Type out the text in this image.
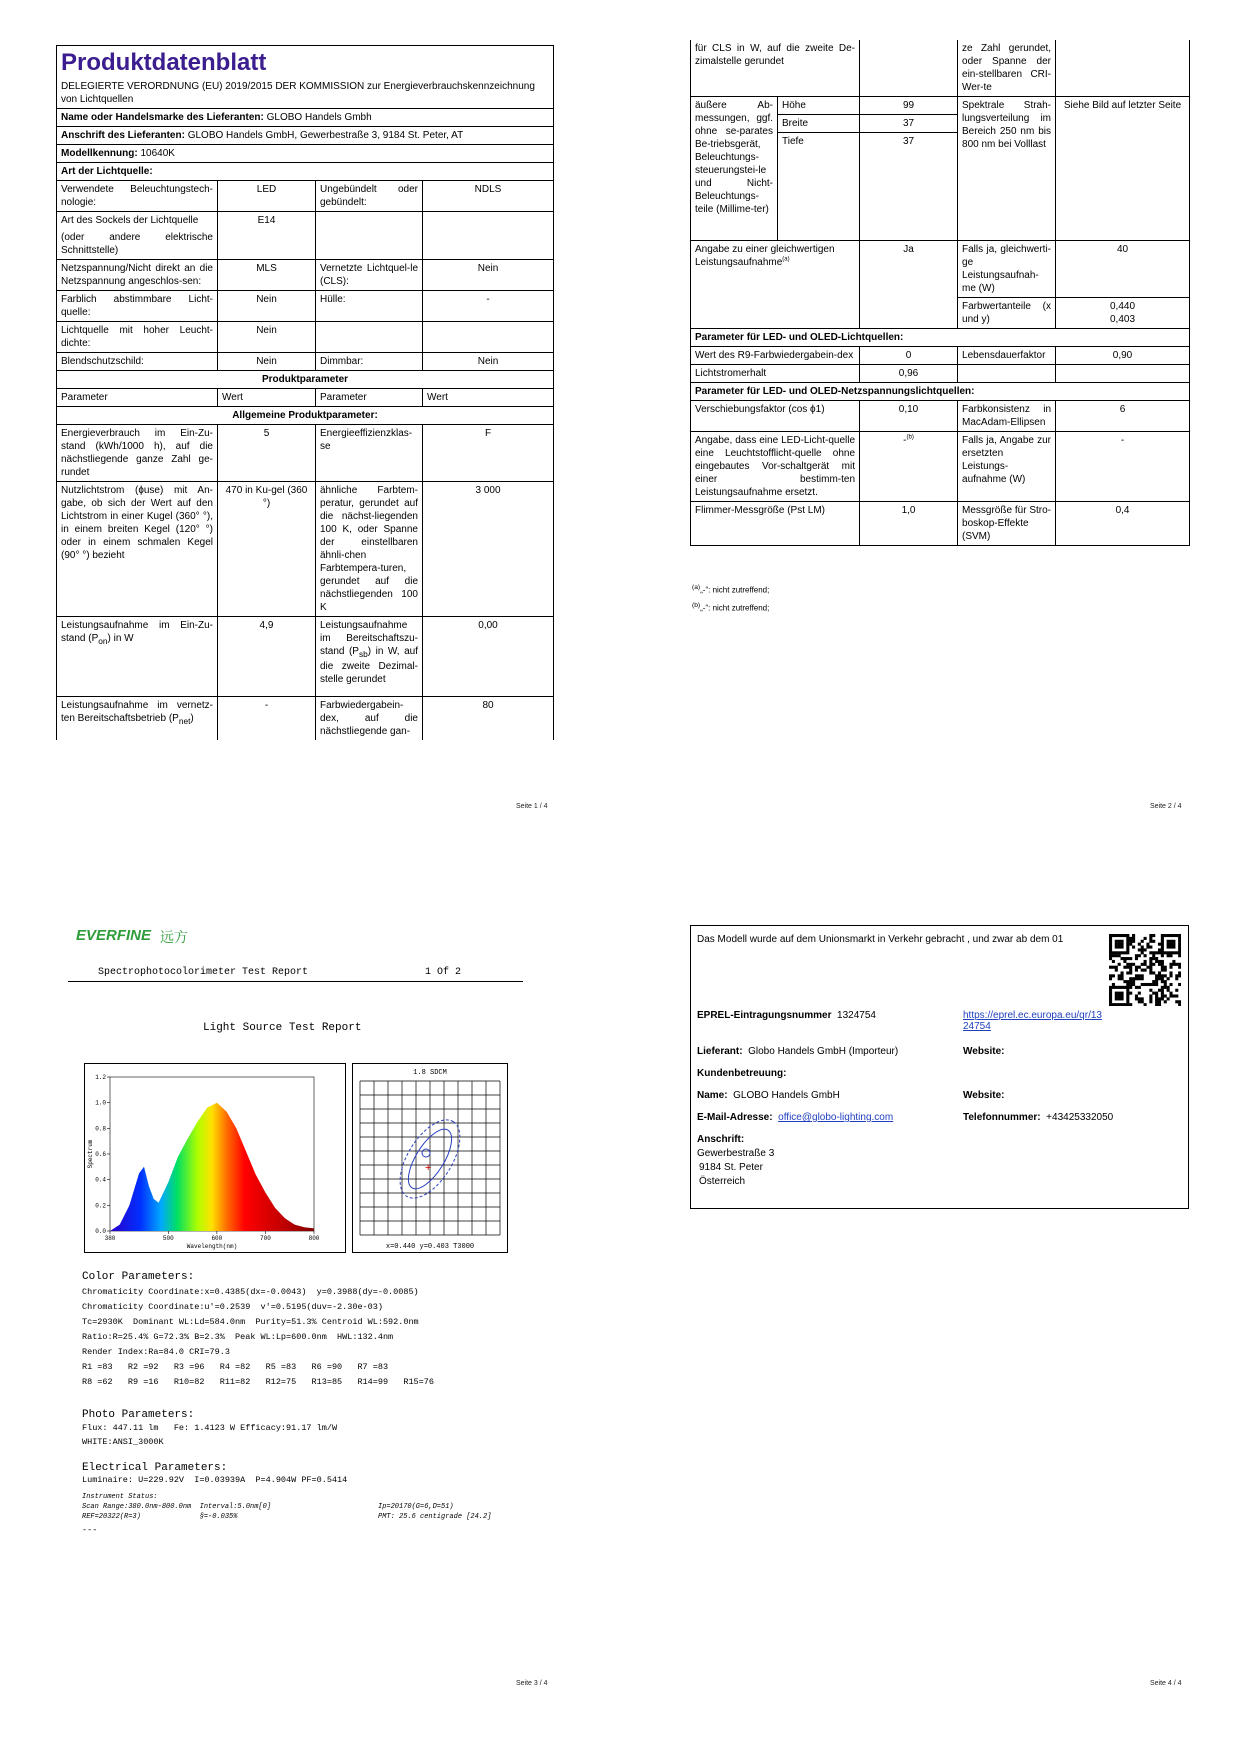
Produktdatenblatt
DELEGIERTE VERORDNUNG (EU) 2019/2015 DER KOMMISSION zur Energieverbrauchskennzeichnung von Lichtquellen			

Name oder Handelsmarke des Lieferanten: GLOBO Handels Gmbh			
Anschrift des Lieferanten: GLOBO Handels GmbH, Gewerbestraße 3, 9184 St. Peter, AT			
Modellkennung: 10640K			
Art der Lichtquelle:			
Verwendete Beleuchtungstech-nologie:	LED	Ungebündelt oder gebündelt:	NDLS

Art des Sockels der Lichtquelle
(oder andere elektrische Schnittstelle)	E14		
Netzspannung/Nicht direkt an die Netzspannung angeschlos-sen:	MLS	Vernetzte Lichtquel-le (CLS):	Nein
Farblich abstimmbare Licht-quelle:	Nein	Hülle:	-
Lichtquelle mit hoher Leucht-dichte:	Nein		
Blendschutzschild:	Nein	Dimmbar:	Nein
Produktparameter			
Parameter	Wert	Parameter	Wert
Allgemeine Produktparameter:			
Energieverbrauch im Ein-Zu-stand (kWh/1000 h), auf die nächstliegende ganze Zahl ge-rundet	5	Energieeffizienzklas-se	F
Nutzlichtstrom (ɸuse) mit An-gabe, ob sich der Wert auf den Lichtstrom in einer Kugel (360° °), in einem breiten Kegel (120° °) oder in einem schmalen Kegel (90° °) bezieht	470 in Ku-gel (360 °)	ähnliche Farbtem-peratur, gerundet auf die nächst-liegenden 100 K, oder Spanne der einstellbaren ähnli-chen Farbtempera-turen, gerundet auf die nächstliegenden 100 K	3 000
Leistungsaufnahme im Ein-Zu-stand $(P_{on})$ in W	4,9	Leistungsaufnahme im Bereitschaftszu-stand $(P_{sb})$ in W, auf die zweite Dezimal-stelle gerundet	0,00
Leistungsaufnahme im vernetz-ten Bereitschaftsbetrieb $(P_{net})$	-	Farbwiedergabein-dex, auf die nächstliegende gan-	80
Seite 1 / 4
für CLS in W, auf die zweite De-zimalstelle gerundet			ze Zahl gerundet, oder Spanne der ein-stellbaren CRI-Wer-te	
äußere Ab-messungen, ggf. ohne se-parates Be-triebsgerät, Beleuchtungs-steuerungstei-le und Nicht-Beleuchtungs-teile (Millime-ter)	Höhe	99	Spektrale Strah-lungsverteilung im Bereich 250 nm bis 800 nm bei Volllast	Siehe Bild auf letzter Seite
	Breite	37		
	Tiefe	37		

Angabe zu einer gleichwertigen Leistungsaufnahme$^{(a)}$		Ja	Falls ja, gleichwerti-ge Leistungsaufnah-me (W)	40
			Farbwertanteile (x und y)	0,440
0,403

Parameter für LED- und OLED-Lichtquellen:				
Wert des R9-Farbwiedergabein-dex		0	Lebensdauerfaktor	0,90
Lichtstromerhalt		0,96		
Parameter für LED- und OLED-Netzspannungslichtquellen:				
Verschiebungsfaktor (cos ϕ1)		0,10	Farbkonsistenz in MacAdam-Ellipsen	6
Angabe, dass eine LED-Licht-quelle eine Leuchtstofflicht-quelle ohne eingebautes Vor-schaltgerät mit einer bestimm-ten Leistungsaufnahme ersetzt.		-$^{(b)}$	Falls ja, Angabe zur ersetzten Leistungs-aufnahme (W)	-
Flimmer-Messgröße (Pst LM)		1,0	Messgröße für Stro-boskop-Effekte (SVM)	0,4
$^{(a)}$„-“: nicht zutreffend;
$^{(b)}$„-“: nicht zutreffend;
Seite 2 / 4
EVERFINE 远方
Spectrophotocolorimeter Test Report	1 Of 2
Light Source Test Report
0.0
0.2
0.4
0.6
0.8
1.0
1.2
380	500	600	700	800
Wavelength(nm)
Spectrum
1.8 SDCM
+
x=0.440 y=0.403 T3000
Color Parameters:
Chromaticity Coordinate:x=0.4385(dx=-0.0043)  y=0.3988(dy=-0.0085)
Chromaticity Coordinate:u'=0.2539  v'=0.5195(duv=-2.30e-03)
Tc=2930K  Dominant WL:Ld=584.0nm  Purity=51.3% Centroid WL:592.0nm
Ratio:R=25.4% G=72.3% B=2.3%  Peak WL:Lp=600.0nm  HWL:132.4nm
Render Index:Ra=84.0 CRI=79.3
R1 =83   R2 =92   R3 =96   R4 =82   R5 =83   R6 =90   R7 =83
R8 =62   R9 =16   R10=82   R11=82   R12=75   R13=85   R14=99   R15=76
Photo Parameters:
Flux: 447.11 lm   Fe: 1.4123 W Efficacy:91.17 lm/W
WHITE:ANSI_3000K
Electrical Parameters:
Luminaire: U=229.92V  I=0.03939A  P=4.904W PF=0.5414
Instrument Status:
Scan Range:380.0nm-800.0nm  Interval:5.0nm[0]	Ip=20170(G=6,D=51)
REF=20322(R=3)              §=-0.035%	PMT: 25.6 centigrade [24.2]
---
Seite 3 / 4
Das Modell wurde auf dem Unionsmarkt in Verkehr gebracht , und zwar ab dem 01
EPREL-Eintragungsnummer 1324754	https://eprel.ec.europa.eu/qr/13
24754
Lieferant: Globo Handels GmbH (Importeur)	Website:
Kundenbetreuung:
Name: GLOBO Handels GmbH	Website:
E-Mail-Adresse: office@globo-lighting.com	Telefonnummer: +43425332050
Anschrift:
Gewerbestraße 3
9184 St. Peter
Österreich
Seite 4 / 4
